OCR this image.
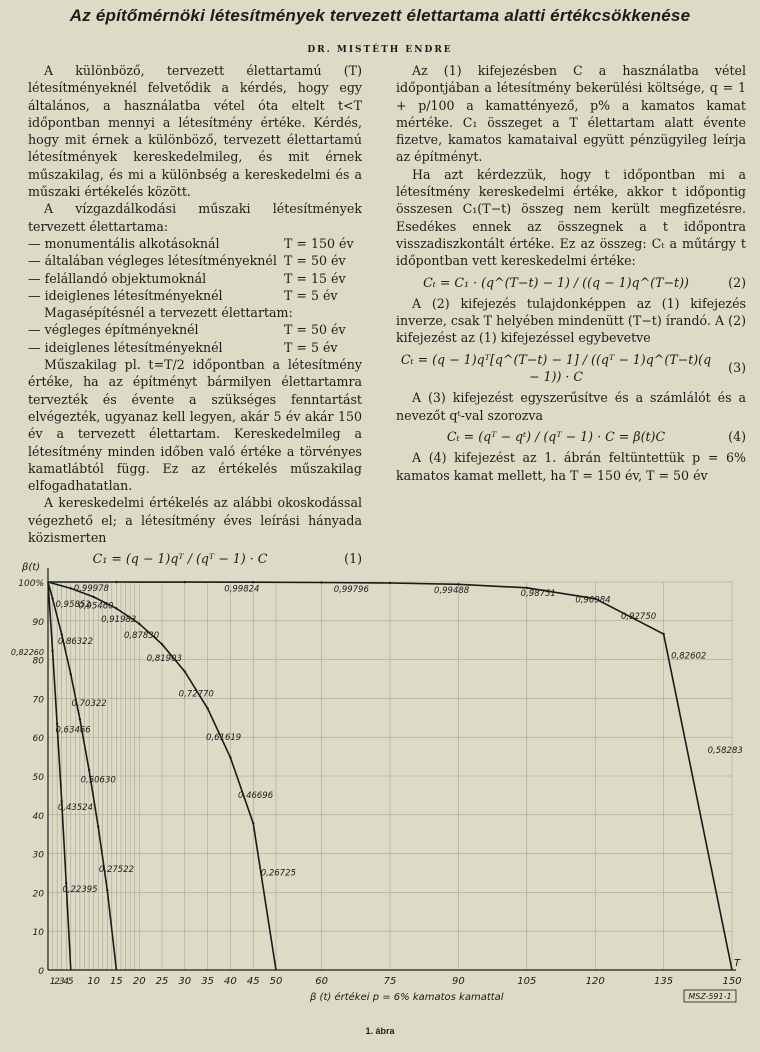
Az építőmérnöki létesítmények tervezett élettartama alatti értékcsökkenése
DR. MISTÉTH ENDRE

A különböző, tervezett élettartamú (T) létesítményeknél felvetődik a kérdés, hogy egy általános, a használatba vétel óta eltelt t<T időpontban mennyi a létesítmény értéke. Kérdés, hogy mit érnek a különböző, tervezett élettartamú létesítmények kereskedelmileg, és mit érnek műszakilag, és mi a különbség a kereskedelmi és a műszaki értékelés között.

A vízgazdálkodási műszaki létesítmények tervezett élettartama:

— monumentális alkotásoknál	T = 150 év
— általában végleges létesítményeknél T = 50 év
— felállandó objektumoknál	T = 15 év
— ideiglenes létesítményeknél	T = 5 év

Magasépítésnél a tervezett élettartam:

— végleges építményeknél	T = 50 év
— ideiglenes létesítményeknél	T = 5 év

Műszakilag pl. t=T/2 időpontban a létesítmény értéke, ha az építményt bármilyen élettartamra tervezték és évente a szükséges fenntartást elvégezték, ugyanaz kell legyen, akár 5 év akár 150 év a tervezett élettartam. Kereskedelmileg a létesítmény minden időben való értéke a törvényes kamatlábtól függ. Ez az értékelés műszakilag elfogadhatatlan.

A kereskedelmi értékelés az alábbi okoskodással végezhető el; a létesítmény éves leírási hányada közismerten

C₁ = (q − 1)qᵀ / (qᵀ − 1) · C	(1)

Az (1) kifejezésben C a használatba vétel időpontjában a létesítmény bekerülési költsége, q = 1 + p/100 a kamattényező, p% a kamatos kamat mértéke. C₁ összeget a T élettartam alatt évente fizetve, kamatos kamataival együtt pénzügyileg leírja az építményt.

Ha azt kérdezzük, hogy t időpontban mi a létesítmény kereskedelmi értéke, akkor t időpontig összesen C₁(T−t) összeg nem került megfizetésre. Esedékes ennek az összegnek a t időpontra visszadiszkontált értéke. Ez az összeg: Cₜ a műtárgy t időpontban vett kereskedelmi értéke:

Cₜ = C₁ · (q^(T−t) − 1) / ((q − 1)q^(T−t))	(2)

A (2) kifejezés tulajdonképpen az (1) kifejezés inverze, csak T helyében mindenütt (T−t) írandó. A (2) kifejezést az (1) kifejezéssel egybevetve

Cₜ = (q − 1)qᵀ[q^(T−t) − 1] / ((qᵀ − 1)q^(T−t)(q − 1)) · C
(3)

A (3) kifejezést egyszerűsítve és a számlálót és a nevezőt qᵗ-val szorozva

Cₜ = (qᵀ − qᵗ) / (qᵀ − 1) · C = β(t)C	(4)

A (4) kifejezést az 1. ábrán feltüntettük p = 6% kamatos kamat mellett, ha T = 150 év, T = 50 év

0
10
20
30
40
50
60
70
80
90
100%
0,82260
1
2
3
4
5 10 15 20 25 30 35 40 45 50	60	75	90	105	120	135	150
β(t)
β (t) értékei p = 6% kamatos kamattal
T
MSZ-591-1
0,99978	0,99824	0,99796	0,99488	0,98751
0,96984
0,92750
0,82602
0,58283
0,95852
0,95460
0,91983
0,87830
0,81903
0,72770
0,61619
0,46696
0,26725
0,86322
0,70322
0,50630
0,27522
0,63466
0,43524
0,22395
1. ábra
